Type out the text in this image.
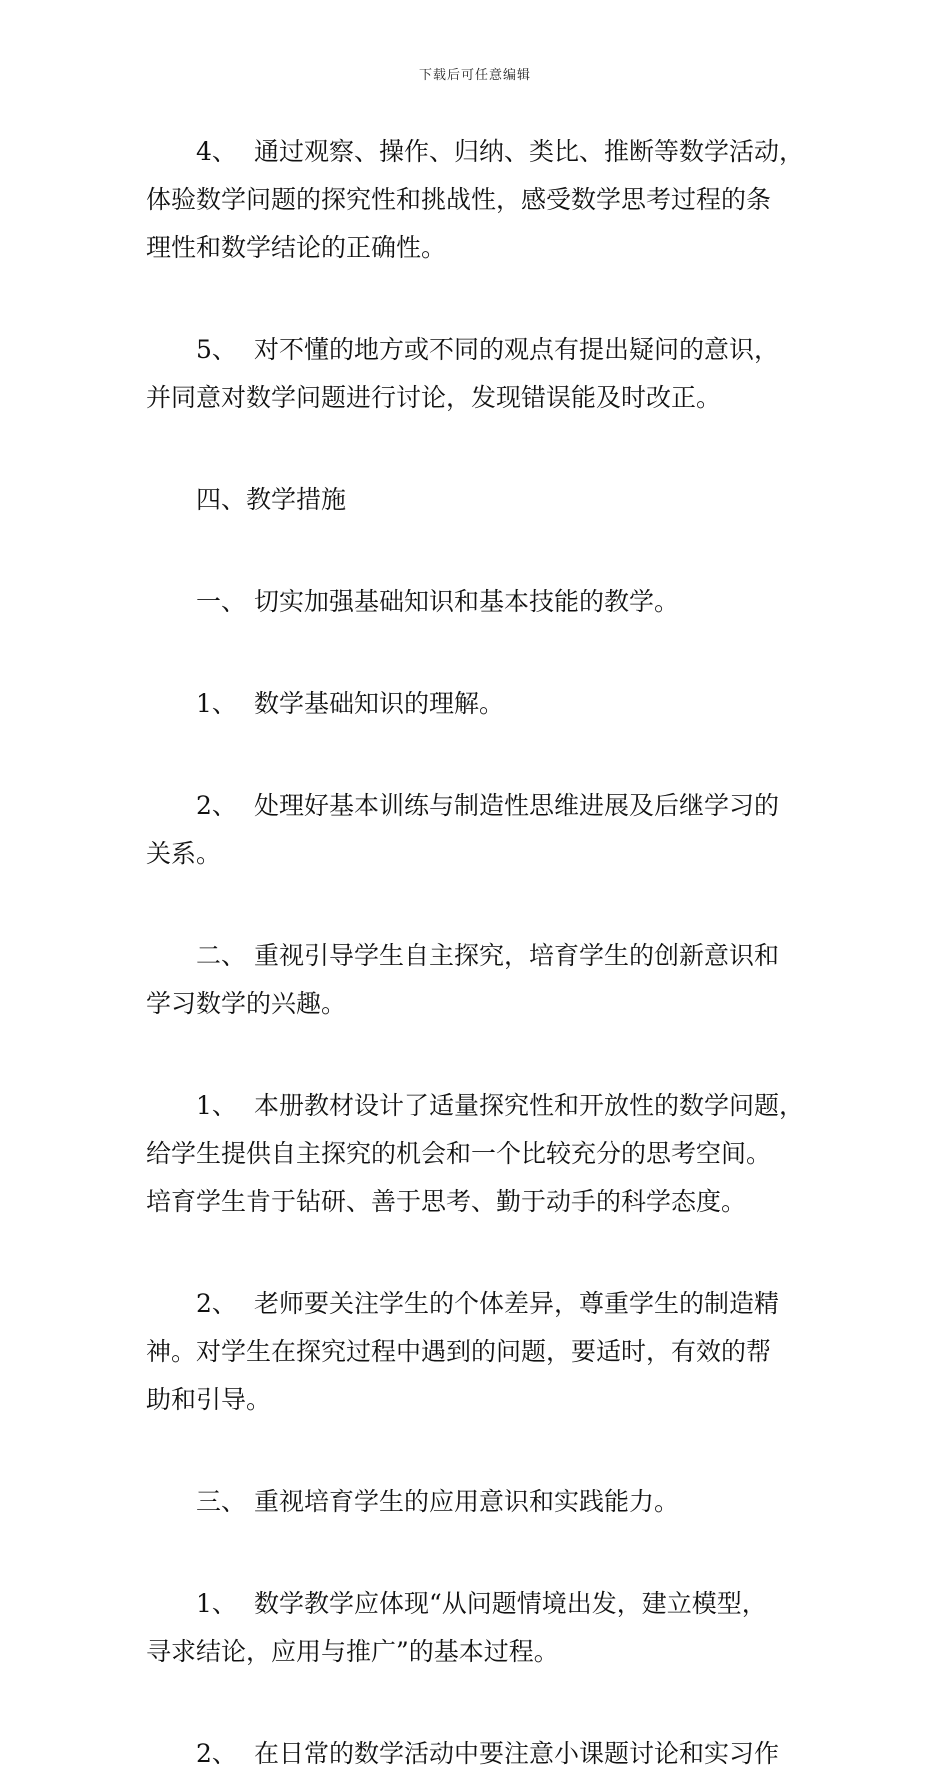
下载后可任意编辑
4、 通过观察、操作、归纳、类比、推断等数学活动，
体验数学问题的探究性和挑战性，感受数学思考过程的条
理性和数学结论的正确性。
5、 对不懂的地方或不同的观点有提出疑问的意识，
并同意对数学问题进行讨论，发现错误能及时改正。
四、教学措施
一、 切实加强基础知识和基本技能的教学。
1、 数学基础知识的理解。
2、 处理好基本训练与制造性思维进展及后继学习的
关系。
二、 重视引导学生自主探究，培育学生的创新意识和
学习数学的兴趣。
1、 本册教材设计了适量探究性和开放性的数学问题，
给学生提供自主探究的机会和一个比较充分的思考空间。
培育学生肯于钻研、善于思考、勤于动手的科学态度。
2、 老师要关注学生的个体差异，尊重学生的制造精
神。对学生在探究过程中遇到的问题，要适时，有效的帮
助和引导。
三、 重视培育学生的应用意识和实践能力。
1、 数学教学应体现“从问题情境出发，建立模型，
寻求结论，应用与推广”的基本过程。
2、 在日常的数学活动中要注意小课题讨论和实习作
